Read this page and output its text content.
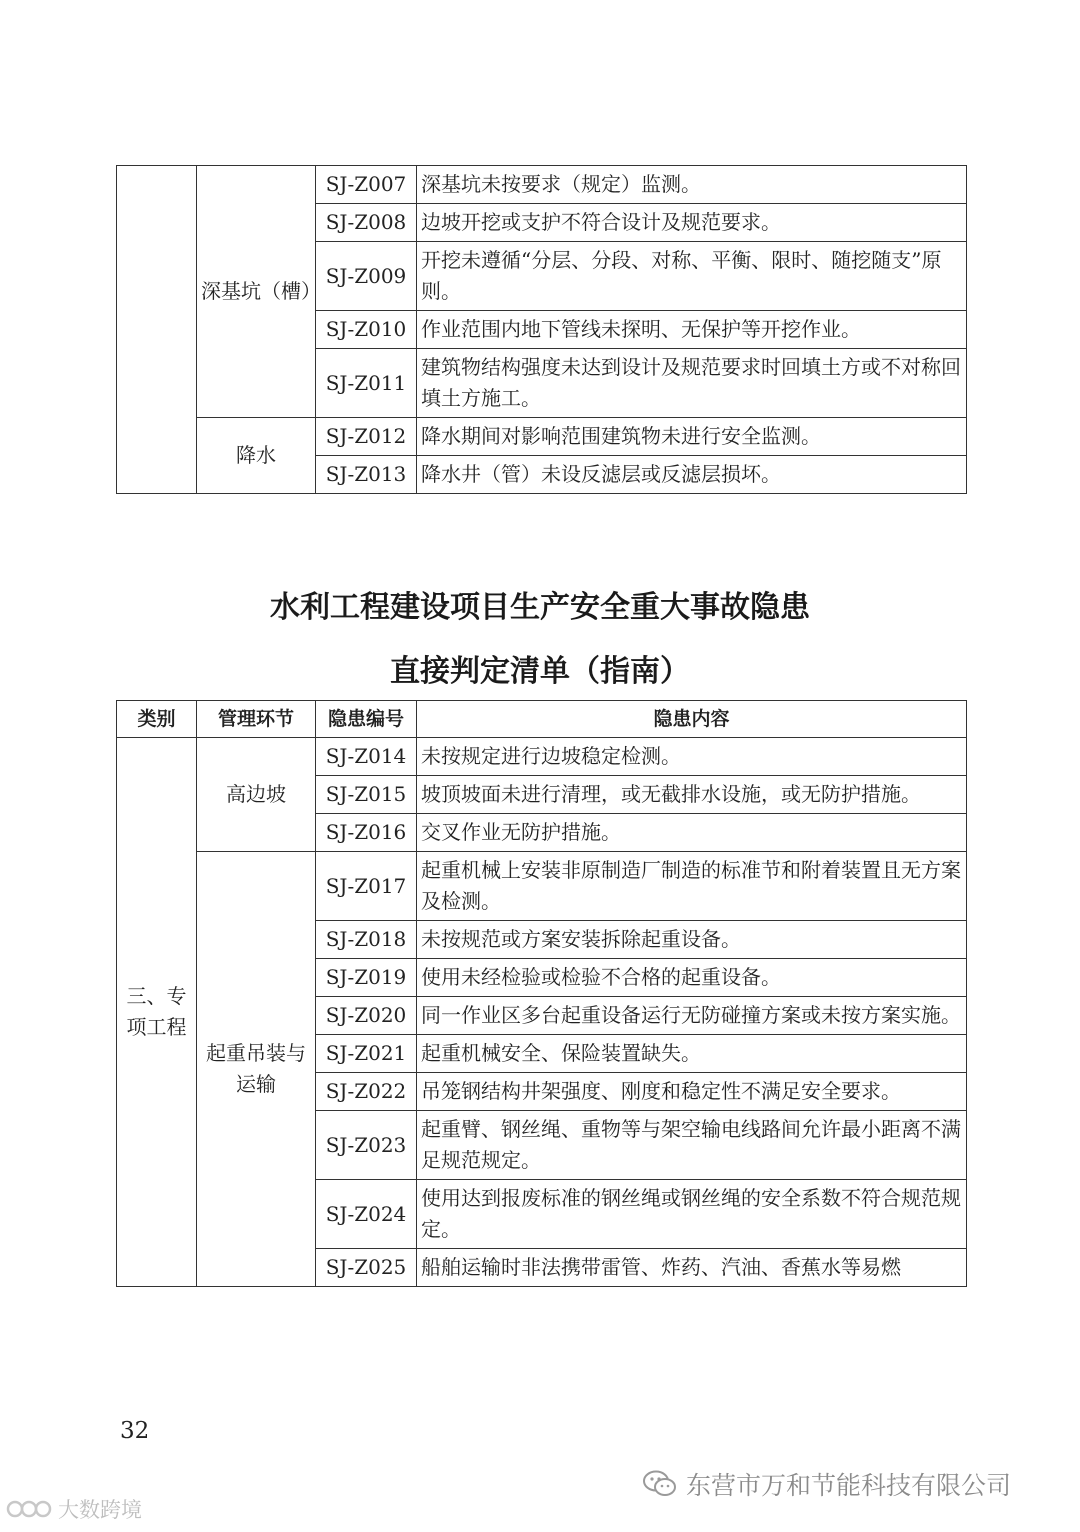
	深基坑（槽）	SJ-Z007	深基坑未按要求（规定）监测。
		SJ-Z008	边坡开挖或支护不符合设计及规范要求。
		SJ-Z009	开挖未遵循“分层、分段、对称、平衡、限时、随挖随支”原则。
		SJ-Z010	作业范围内地下管线未探明、无保护等开挖作业。
		SJ-Z011	建筑物结构强度未达到设计及规范要求时回填土方或不对称回填土方施工。
	降水	SJ-Z012	降水期间对影响范围建筑物未进行安全监测。
		SJ-Z013	降水井（管）未设反滤层或反滤层损坏。
水利工程建设项目生产安全重大事故隐患
直接判定清单（指南）
类别	管理环节	隐患编号	隐患内容
三、专项工程	高边坡	SJ-Z014	未按规定进行边坡稳定检测。
		SJ-Z015	坡顶坡面未进行清理，或无截排水设施，或无防护措施。
		SJ-Z016	交叉作业无防护措施。
	起重吊装与运输	SJ-Z017	起重机械上安装非原制造厂制造的标准节和附着装置且无方案及检测。
		SJ-Z018	未按规范或方案安装拆除起重设备。
		SJ-Z019	使用未经检验或检验不合格的起重设备。
		SJ-Z020	同一作业区多台起重设备运行无防碰撞方案或未按方案实施。
		SJ-Z021	起重机械安全、保险装置缺失。
		SJ-Z022	吊笼钢结构井架强度、刚度和稳定性不满足安全要求。
		SJ-Z023	起重臂、钢丝绳、重物等与架空输电线路间允许最小距离不满足规范规定。
		SJ-Z024	使用达到报废标准的钢丝绳或钢丝绳的安全系数不符合规范规定。
		SJ-Z025	船舶运输时非法携带雷管、炸药、汽油、香蕉水等易燃
32
东营市万和节能科技有限公司
大数跨境
